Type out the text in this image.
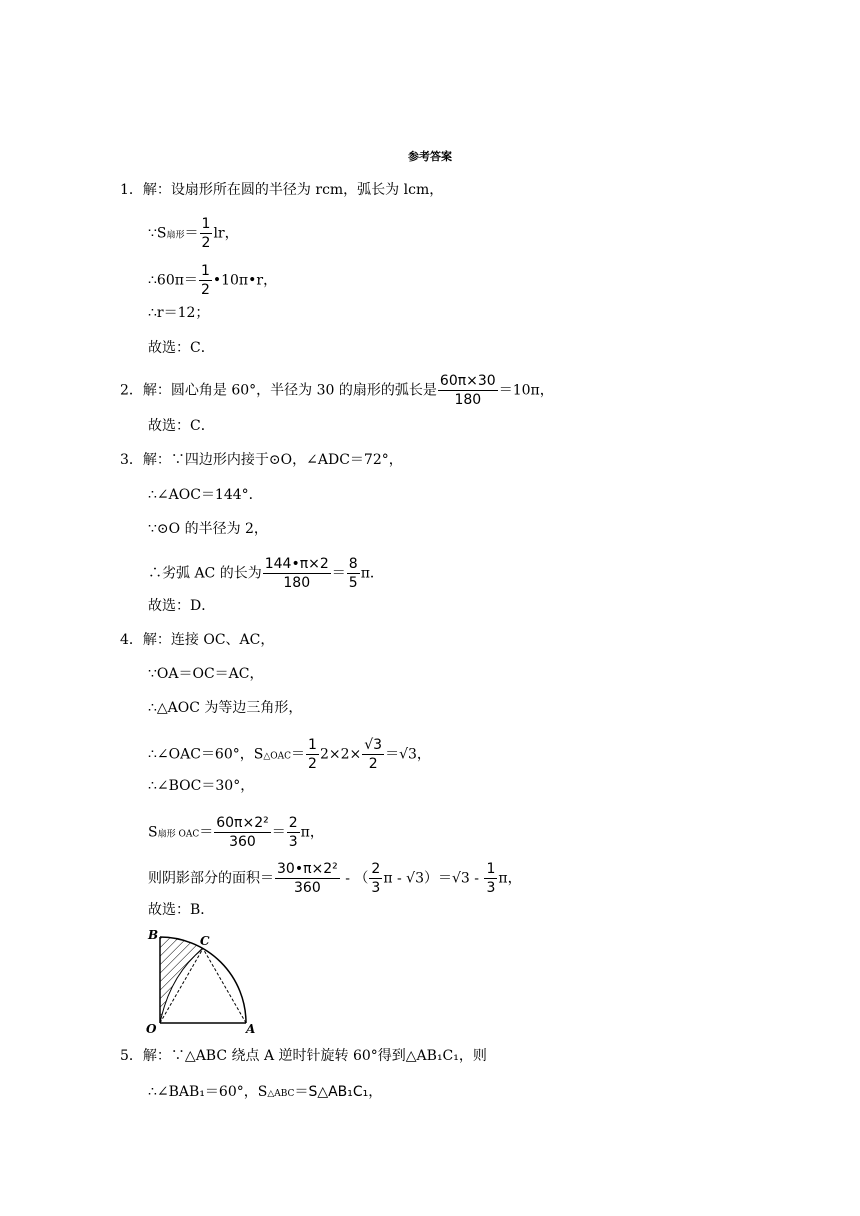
参考答案
1．解：设扇形所在圆的半径为 rcm，弧长为 lcm，
∵S扇形＝ $\frac{1}{2}$ lr，
∴60π＝ $\frac{1}{2}$ •10π•r，
∴r＝12；
故选：C．
2．解：圆心角是 60°，半径为 30 的扇形的弧长是 $\frac{60\pi\times 30}{180} =10\pi$，
故选：C．
3．解：∵四边形内接于⊙O，∠ADC＝72°，
∴∠AOC＝144°．
∵⊙O 的半径为 2，
∴劣弧 AC 的长为 $\frac{144•\pi\times 2}{180} = \frac{8}{5}$ π．
故选：D．
4．解：连接 OC、AC，
∵OA＝OC＝AC，
∴△AOC 为等边三角形，
∴∠OAC＝60°，S△OAC＝ $\frac{1}{2} 2\times 2\times \frac{√3}{2} =√3$，
∴∠BOC＝30°，
S扇形 $OAC= \frac{\text{60π×2²}}{360} = \frac{2}{3}$ π，
则阴影部分的面积＝ $\frac{\text{30•π×2²}}{360}$ - （ $\frac{2}{3}$ $\pi - √3)=√3 - \frac{1}{3}$ π，
故选：B．
B	C
O	A
5．解：∵△ABC 绕点 A 逆时针旋转 60°得到△AB₁C₁，则
∴∠BAB₁＝60°，S△ABC＝S△AB₁C₁，
